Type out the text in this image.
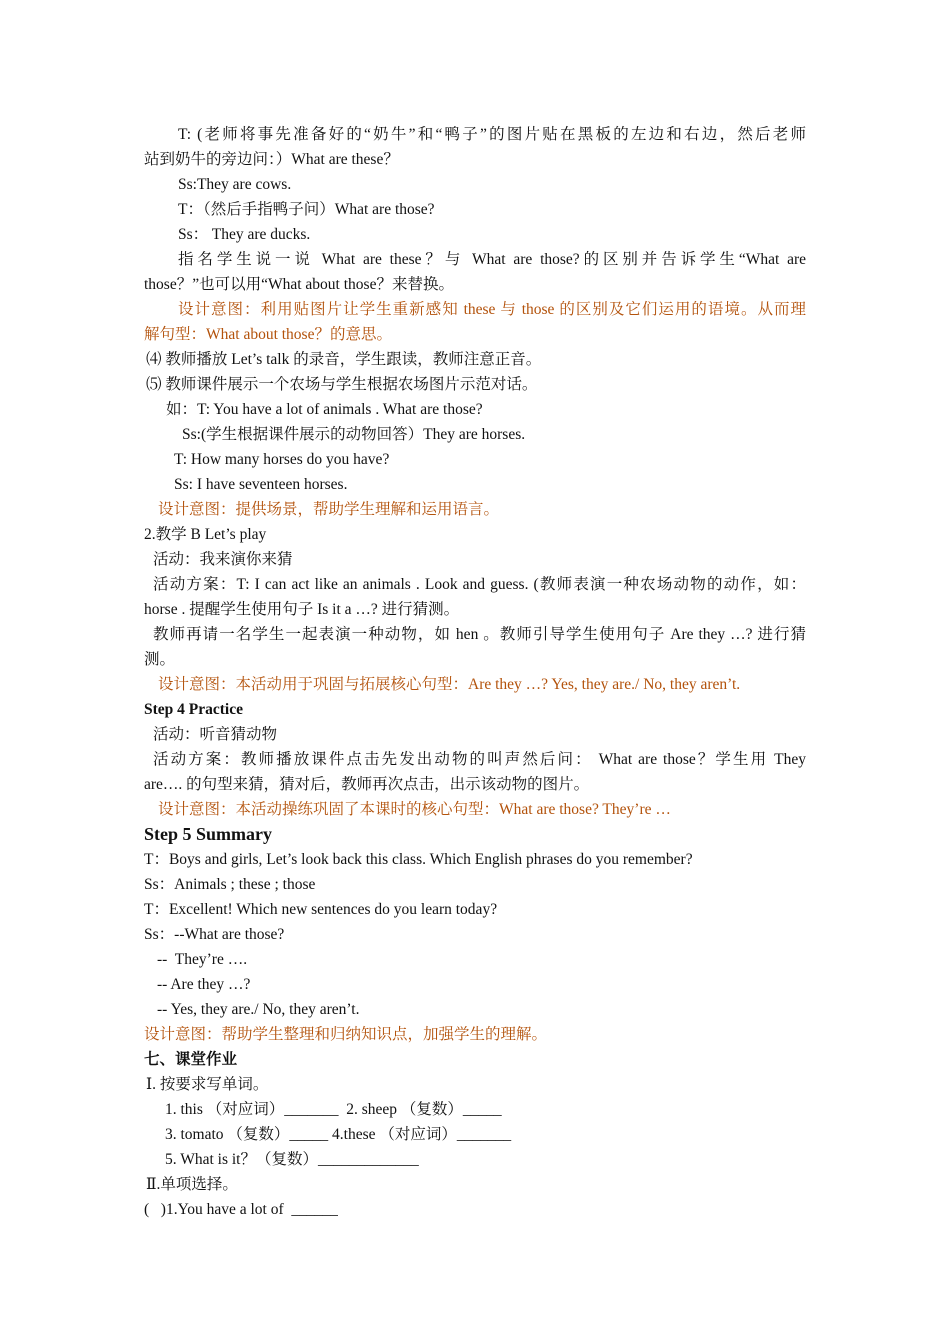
T: (老师将事先准备好的“奶牛”和“鸭子”的图片贴在黑板的左边和右边，然后老师
站到奶牛的旁边问：）What are these？
Ss:They are cows.
T：（然后手指鸭子问）What are those?
Ss： They are ducks.
指名学生说一说 What are these？与 What are those?的区别并告诉学生“What are
those？”也可以用“What about those？来替换。
设计意图：利用贴图片让学生重新感知 these 与 those 的区别及它们运用的语境。从而理
解句型：What about those？的意思。
⑷ 教师播放 Let’s talk 的录音，学生跟读，教师注意正音。
⑸ 教师课件展示一个农场与学生根据农场图片示范对话。
如：T: You have a lot of animals . What are those?
Ss:(学生根据课件展示的动物回答）They are horses.
T: How many horses do you have?
Ss: I have seventeen horses.
设计意图：提供场景，帮助学生理解和运用语言。
2.教学 B Let’s play
活动：我来演你来猜
活动方案：T: I can act like an animals . Look and guess. (教师表演一种农场动物的动作，如：
horse . 提醒学生使用句子 Is it a …? 进行猜测。
教师再请一名学生一起表演一种动物，如 hen 。教师引导学生使用句子 Are they …? 进行猜
测。
设计意图：本活动用于巩固与拓展核心句型：Are they …? Yes, they are./ No, they aren’t.
Step 4 Practice
活动：听音猜动物
活动方案：教师播放课件点击先发出动物的叫声然后问： What are those？学生用 They
are…. 的句型来猜，猜对后，教师再次点击，出示该动物的图片。
设计意图：本活动操练巩固了本课时的核心句型：What are those? They’re …
Step 5 Summary
T：Boys and girls, Let’s look back this class. Which English phrases do you remember?
Ss：Animals ; these ; those
T：Excellent! Which new sentences do you learn today?
Ss：--What are those?
--  They’re ….
-- Are they …?
-- Yes, they are./ No, they aren’t.
设计意图：帮助学生整理和归纳知识点，加强学生的理解。
七、课堂作业
Ⅰ. 按要求写单词。
1. this （对应词）_______  2. sheep （复数）_____
3. tomato （复数）_____ 4.these （对应词）_______
5. What is it？（复数）_____________
Ⅱ.单项选择。
(   )1.You have a lot of  ______
